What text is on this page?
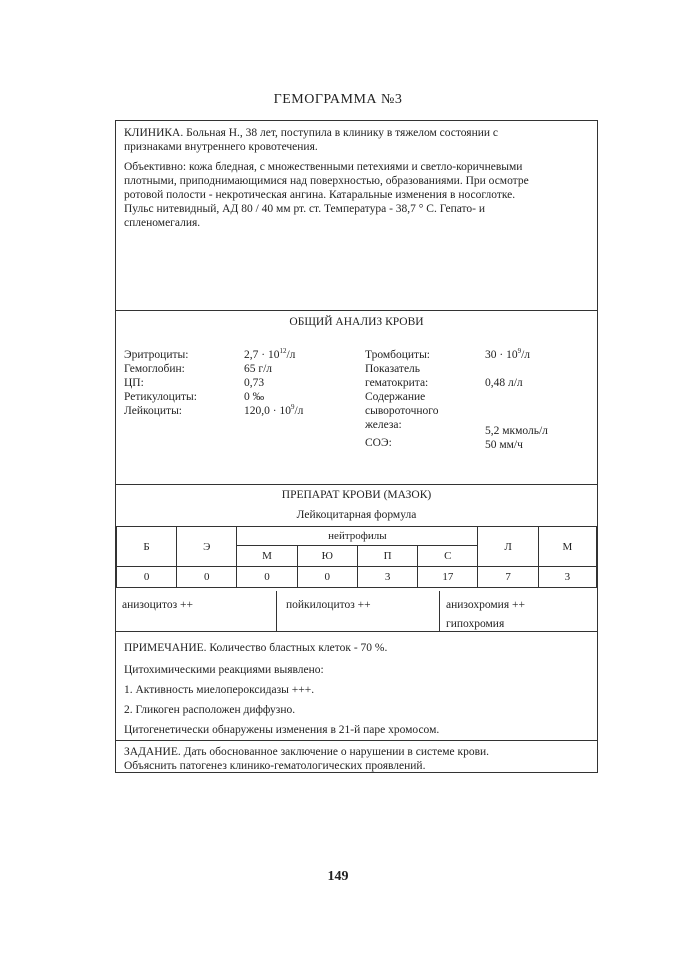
ГЕМОГРАММА №3
КЛИНИКА. Больная Н., 38 лет, поступила в клинику в тяжелом состоянии с
признаками внутреннего кровотечения.
Объективно: кожа бледная, с множественными петехиями и светло-коричневыми
плотными, приподнимающимися над поверхностью, образованиями. При осмотре
ротовой полости - некротическая ангина. Катаральные изменения в носоглотке.
Пульс нитевидный, АД 80 / 40 мм рт. ст. Температура - 38,7 ° С. Гепато- и
спленомегалия.
ОБЩИЙ АНАЛИЗ КРОВИ
Эритроциты:	$2,7 \cdot 10^{12}/л$
Гемоглобин:	65 г/л
ЦП:	0,73
Ретикулоциты:	0 ‰
Лейкоциты:	$120,0 \cdot 10^9/л$
Тромбоциты:	$30 \cdot 10^9/л$
Показатель
гематокрита:	0,48 л/л
Содержание
сывороточного
железа:	5,2 мкмоль/л
СОЭ:	50 мм/ч
ПРЕПАРАТ КРОВИ (МАЗОК)
Лейкоцитарная формула
Б	Э	нейтрофилы				Л	М
		М	Ю	П	С		
0	0	0	0	3	17	7	3
анизоцитоз ++	пойкилоцитоз ++	анизохромия ++
гипохромия
ПРИМЕЧАНИЕ. Количество бластных клеток - 70 %.
Цитохимическими реакциями выявлено:
1. Активность миелопероксидазы +++.
2. Гликоген расположен диффузно.
Цитогенетически обнаружены изменения в 21-й паре хромосом.
ЗАДАНИЕ. Дать обоснованное заключение о нарушении в системе крови.
Объяснить патогенез клинико-гематологических проявлений.
149
